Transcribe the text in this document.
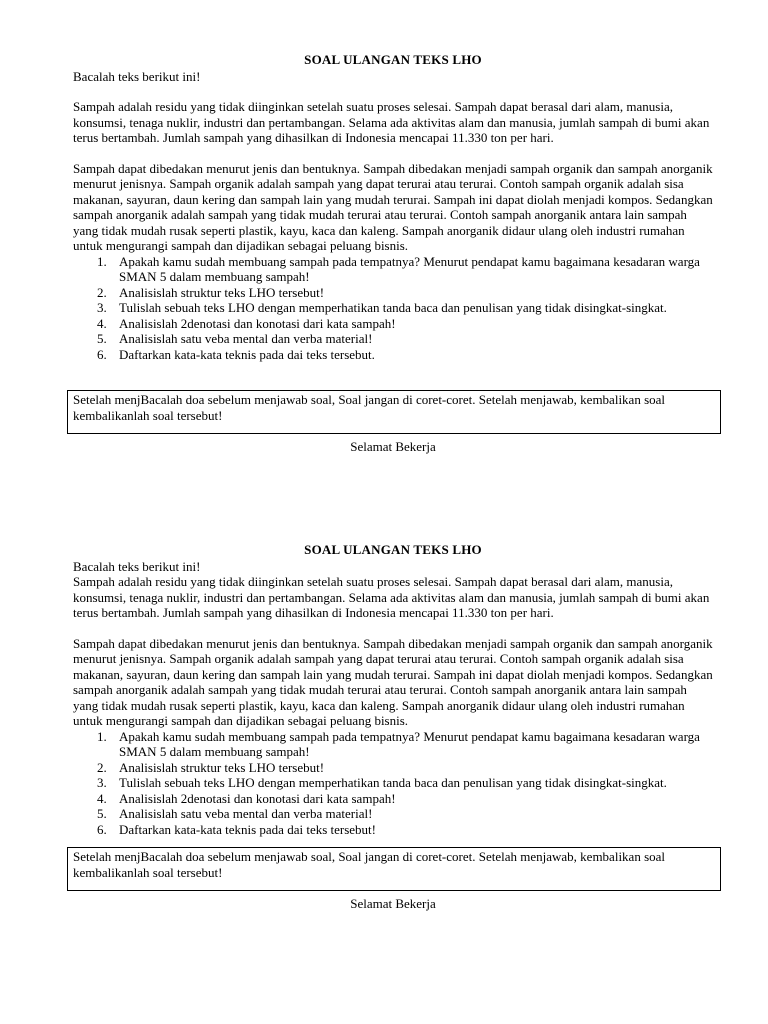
SOAL ULANGAN TEKS LHO

Bacalah teks berikut ini!

Sampah adalah residu yang tidak diinginkan setelah suatu proses selesai. Sampah dapat berasal dari alam, manusia, konsumsi, tenaga nuklir, industri dan pertambangan. Selama ada aktivitas alam dan manusia, jumlah sampah di bumi akan terus bertambah. Jumlah sampah yang dihasilkan di Indonesia mencapai 11.330 ton per hari.

Sampah dapat dibedakan menurut jenis dan bentuknya. Sampah dibedakan menjadi sampah organik dan sampah anorganik menurut jenisnya. Sampah organik adalah sampah yang dapat terurai atau terurai. Contoh sampah organik adalah sisa makanan, sayuran, daun kering dan sampah lain yang mudah terurai. Sampah ini dapat diolah menjadi kompos. Sedangkan sampah anorganik adalah sampah yang tidak mudah terurai atau terurai. Contoh sampah anorganik antara lain sampah yang tidak mudah rusak seperti plastik, kayu, kaca dan kaleng. Sampah anorganik didaur ulang oleh industri rumahan untuk mengurangi sampah dan dijadikan sebagai peluang bisnis.

1. Apakah kamu sudah membuang sampah pada tempatnya? Menurut pendapat kamu bagaimana kesadaran warga SMAN 5 dalam membuang sampah!
2. Analisislah struktur teks LHO tersebut!
3. Tulislah sebuah teks LHO dengan memperhatikan tanda baca dan penulisan yang tidak disingkat-singkat.
4. Analisislah 2denotasi dan konotasi dari kata sampah!
5. Analisislah satu veba mental dan verba material!
6. Daftarkan kata-kata teknis pada dai teks tersebut.
Setelah menjBacalah doa sebelum menjawab soal, Soal jangan di coret-coret. Setelah menjawab, kembalikan soal kembalikanlah soal tersebut!
Selamat Bekerja
SOAL ULANGAN TEKS LHO

Bacalah teks berikut ini!

Sampah adalah residu yang tidak diinginkan setelah suatu proses selesai. Sampah dapat berasal dari alam, manusia, konsumsi, tenaga nuklir, industri dan pertambangan. Selama ada aktivitas alam dan manusia, jumlah sampah di bumi akan terus bertambah. Jumlah sampah yang dihasilkan di Indonesia mencapai 11.330 ton per hari.

Sampah dapat dibedakan menurut jenis dan bentuknya. Sampah dibedakan menjadi sampah organik dan sampah anorganik menurut jenisnya. Sampah organik adalah sampah yang dapat terurai atau terurai. Contoh sampah organik adalah sisa makanan, sayuran, daun kering dan sampah lain yang mudah terurai. Sampah ini dapat diolah menjadi kompos. Sedangkan sampah anorganik adalah sampah yang tidak mudah terurai atau terurai. Contoh sampah anorganik antara lain sampah yang tidak mudah rusak seperti plastik, kayu, kaca dan kaleng. Sampah anorganik didaur ulang oleh industri rumahan untuk mengurangi sampah dan dijadikan sebagai peluang bisnis.

1. Apakah kamu sudah membuang sampah pada tempatnya? Menurut pendapat kamu bagaimana kesadaran warga SMAN 5 dalam membuang sampah!
2. Analisislah struktur teks LHO tersebut!
3. Tulislah sebuah teks LHO dengan memperhatikan tanda baca dan penulisan yang tidak disingkat-singkat.
4. Analisislah 2denotasi dan konotasi dari kata sampah!
5. Analisislah satu veba mental dan verba material!
6. Daftarkan kata-kata teknis pada dai teks tersebut!
Setelah menjBacalah doa sebelum menjawab soal, Soal jangan di coret-coret. Setelah menjawab, kembalikan soal kembalikanlah soal tersebut!
Selamat Bekerja
